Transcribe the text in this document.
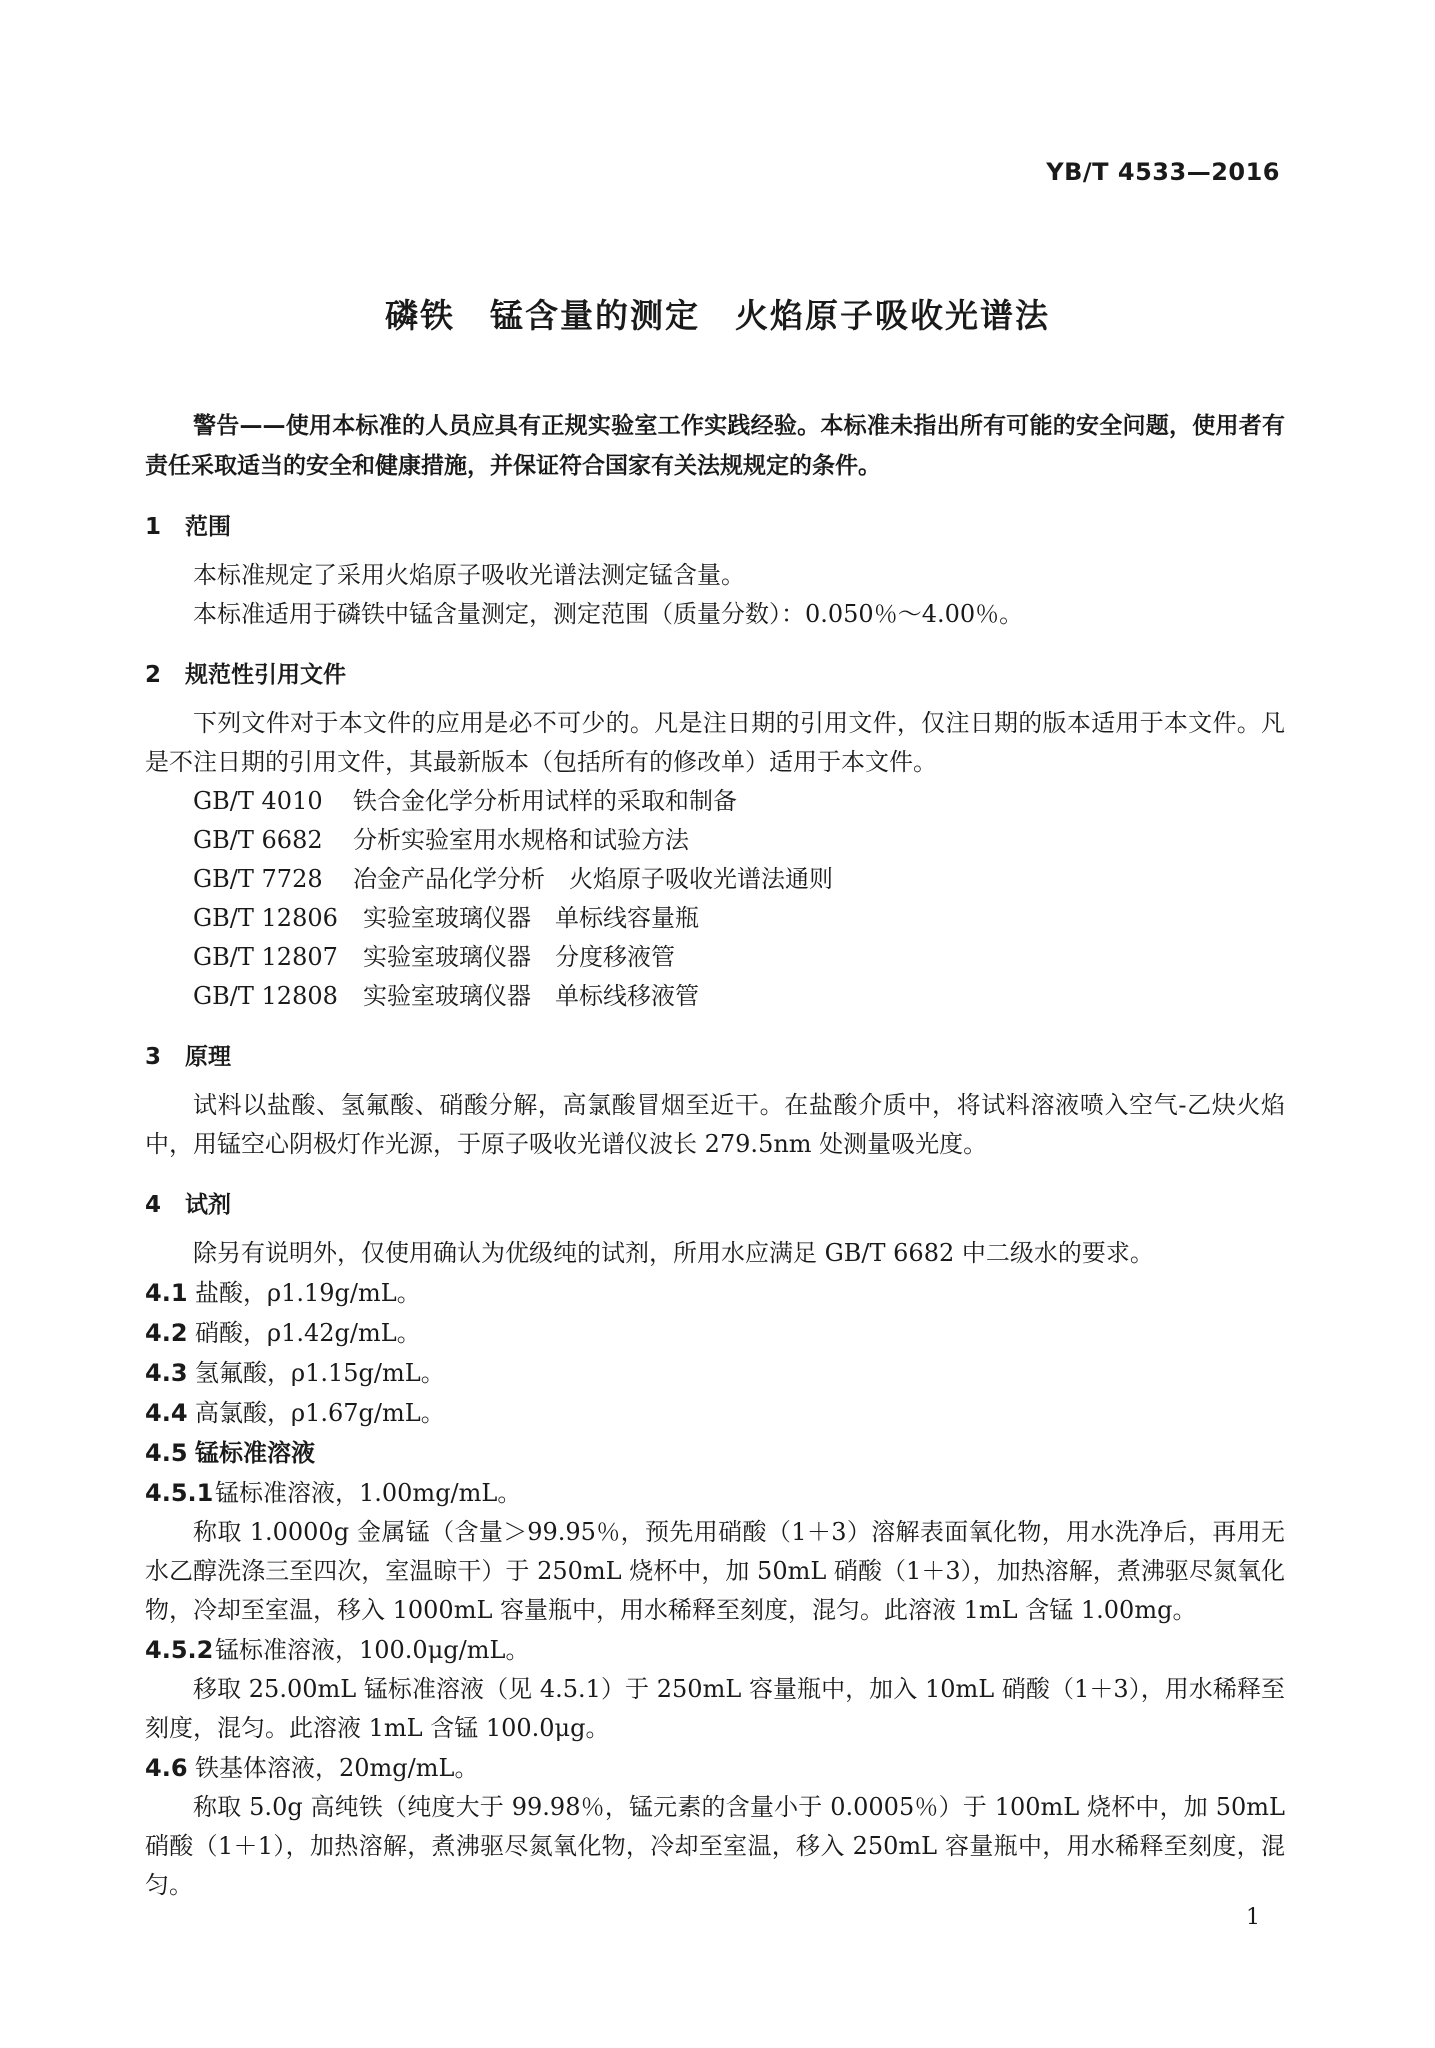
YB/T 4533—2016
磷铁　锰含量的测定　火焰原子吸收光谱法

警告——使用本标准的人员应具有正规实验室工作实践经验。本标准未指出所有可能的安全问题，使用者有责任采取适当的安全和健康措施，并保证符合国家有关法规规定的条件。

1 范围

本标准规定了采用火焰原子吸收光谱法测定锰含量。

本标准适用于磷铁中锰含量测定，测定范围（质量分数）：0.050％～4.00％。

2 规范性引用文件

下列文件对于本文件的应用是必不可少的。凡是注日期的引用文件，仅注日期的版本适用于本文件。凡是不注日期的引用文件，其最新版本（包括所有的修改单）适用于本文件。

GB/T 4010 铁合金化学分析用试样的采取和制备

GB/T 6682 分析实验室用水规格和试验方法

GB/T 7728 冶金产品化学分析　火焰原子吸收光谱法通则

GB/T 12806 实验室玻璃仪器　单标线容量瓶

GB/T 12807 实验室玻璃仪器　分度移液管

GB/T 12808 实验室玻璃仪器　单标线移液管

3 原理

试料以盐酸、氢氟酸、硝酸分解，高氯酸冒烟至近干。在盐酸介质中，将试料溶液喷入空气-乙炔火焰中，用锰空心阴极灯作光源，于原子吸收光谱仪波长 279.5nm 处测量吸光度。

4 试剂

除另有说明外，仅使用确认为优级纯的试剂，所用水应满足 GB/T 6682 中二级水的要求。

4.1 盐酸，ρ1.19g/mL。

4.2 硝酸，ρ1.42g/mL。

4.3 氢氟酸，ρ1.15g/mL。

4.4 高氯酸，ρ1.67g/mL。

4.5 锰标准溶液

4.5.1锰标准溶液，1.00mg/mL。

称取 1.0000g 金属锰（含量＞99.95％，预先用硝酸（1＋3）溶解表面氧化物，用水洗净后，再用无水乙醇洗涤三至四次，室温晾干）于 250mL 烧杯中，加 50mL 硝酸（1＋3），加热溶解，煮沸驱尽氮氧化物，冷却至室温，移入 1000mL 容量瓶中，用水稀释至刻度，混匀。此溶液 1mL 含锰 1.00mg。

4.5.2锰标准溶液，100.0μg/mL。

移取 25.00mL 锰标准溶液（见 4.5.1）于 250mL 容量瓶中，加入 10mL 硝酸（1＋3），用水稀释至刻度，混匀。此溶液 1mL 含锰 100.0μg。

4.6 铁基体溶液，20mg/mL。

称取 5.0g 高纯铁（纯度大于 99.98％，锰元素的含量小于 0.0005％）于 100mL 烧杯中，加 50mL 硝酸（1＋1），加热溶解，煮沸驱尽氮氧化物，冷却至室温，移入 250mL 容量瓶中，用水稀释至刻度，混匀。

1
